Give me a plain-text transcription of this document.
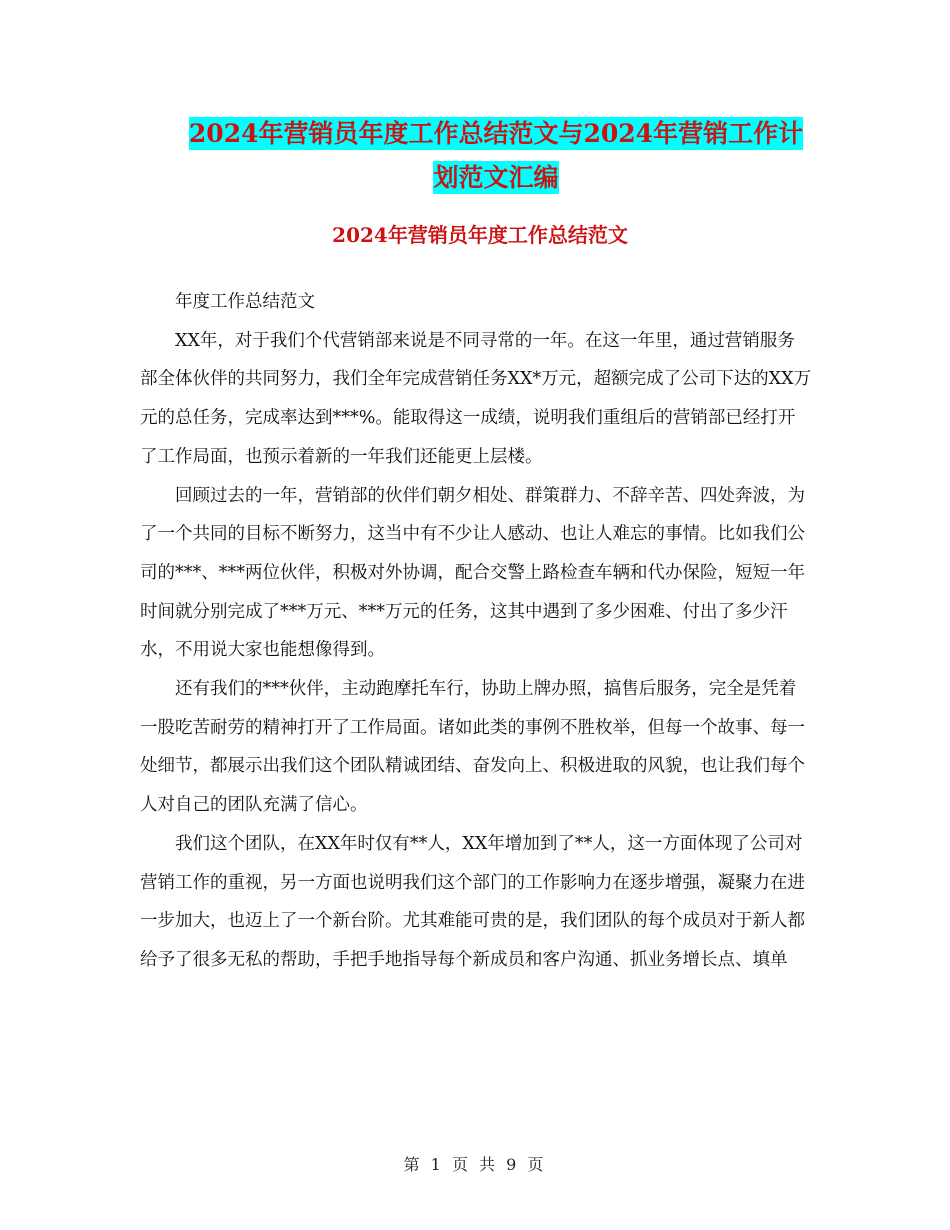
2024年营销员年度工作总结范文与2024年营销工作计
划范文汇编
2024年营销员年度工作总结范文

年度工作总结范文

XX年，对于我们个代营销部来说是不同寻常的一年。在这一年里，通过营销服务部全体伙伴的共同努力，我们全年完成营销任务XX*万元，超额完成了公司下达的XX万元的总任务，完成率达到***%。能取得这一成绩，说明我们重组后的营销部已经打开了工作局面，也预示着新的一年我们还能更上层楼。

回顾过去的一年，营销部的伙伴们朝夕相处、群策群力、不辞辛苦、四处奔波，为了一个共同的目标不断努力，这当中有不少让人感动、也让人难忘的事情。比如我们公司的***、***两位伙伴，积极对外协调，配合交警上路检查车辆和代办保险，短短一年时间就分别完成了***万元、***万元的任务，这其中遇到了多少困难、付出了多少汗水，不用说大家也能想像得到。

还有我们的***伙伴，主动跑摩托车行，协助上牌办照，搞售后服务，完全是凭着一股吃苦耐劳的精神打开了工作局面。诸如此类的事例不胜枚举，但每一个故事、每一处细节，都展示出我们这个团队精诚团结、奋发向上、积极进取的风貌，也让我们每个人对自己的团队充满了信心。

我们这个团队，在XX年时仅有**人，XX年增加到了**人，这一方面体现了公司对营销工作的重视，另一方面也说明我们这个部门的工作影响力在逐步增强，凝聚力在进一步加大，也迈上了一个新台阶。尤其难能可贵的是，我们团队的每个成员对于新人都给予了很多无私的帮助，手把手地指导每个新成员和客户沟通、抓业务增长点、填单

第 1 页 共 9 页
